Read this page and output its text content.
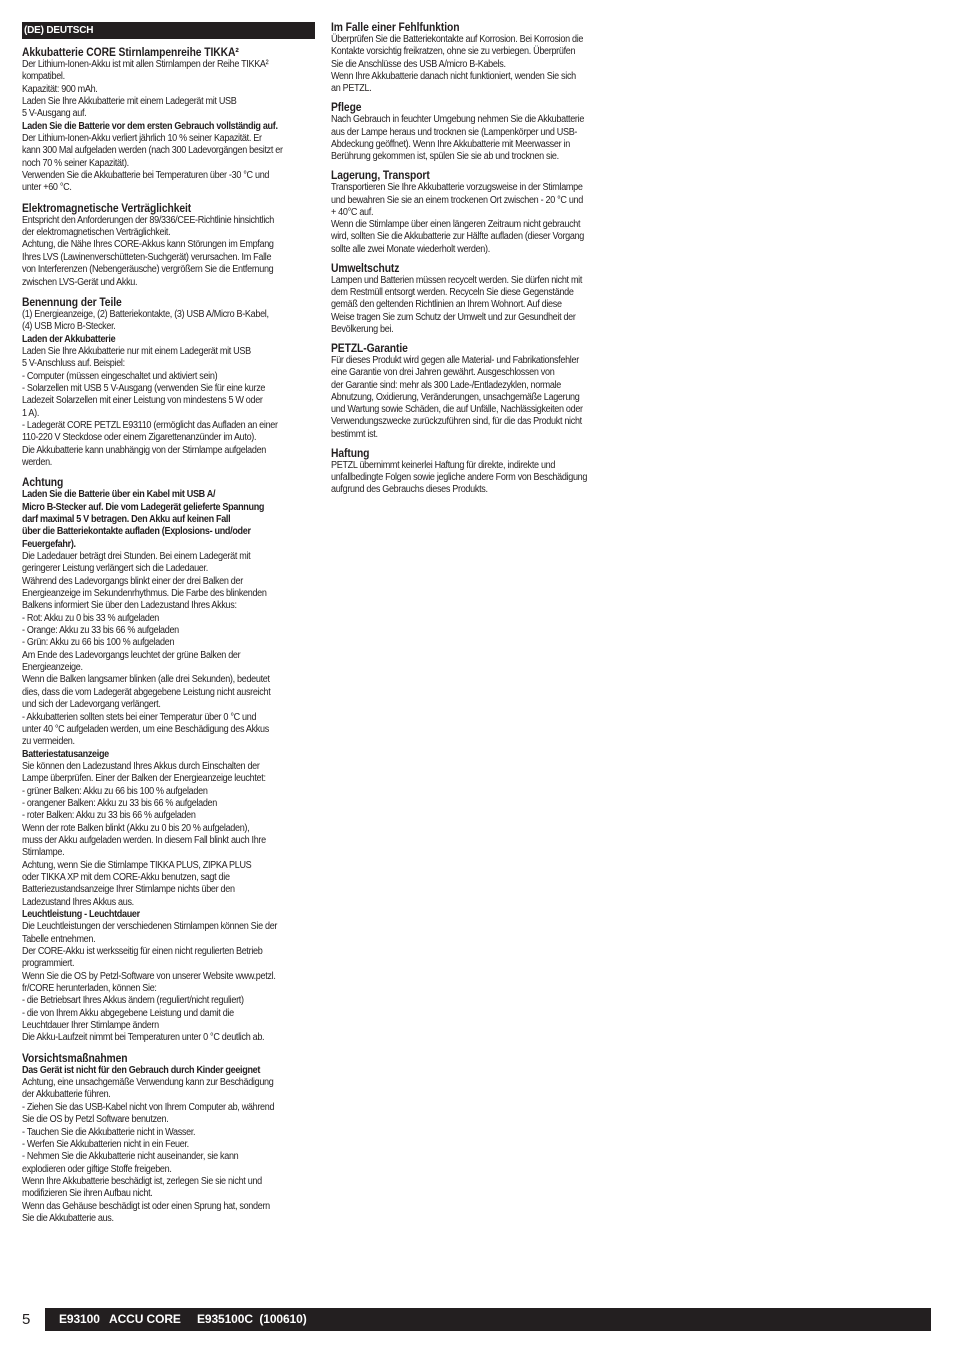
(DE) DEUTSCH
Akkubatterie CORE Stirnlampenreihe TIKKA²

Der Lithium-Ionen-Akku ist mit allen Stirnlampen der Reihe TIKKA²
kompatibel.
Kapazität: 900 mAh.
Laden Sie Ihre Akkubatterie mit einem Ladegerät mit USB
5 V-Ausgang auf.

Laden Sie die Batterie vor dem ersten Gebrauch vollständig auf.

Der Lithium-Ionen-Akku verliert jährlich 10 % seiner Kapazität. Er
kann 300 Mal aufgeladen werden (nach 300 Ladevorgängen besitzt er
noch 70 % seiner Kapazität).
Verwenden Sie die Akkubatterie bei Temperaturen über -30 °C und
unter +60 °C.

Elektromagnetische Verträglichkeit

Entspricht den Anforderungen der 89/336/CEE-Richtlinie hinsichtlich
der elektromagnetischen Verträglichkeit.
Achtung, die Nähe Ihres CORE-Akkus kann Störungen im Empfang
Ihres LVS (Lawinenverschütteten-Suchgerät) verursachen. Im Falle
von Interferenzen (Nebengeräusche) vergrößern Sie die Entfernung
zwischen LVS-Gerät und Akku.

Benennung der Teile

(1) Energieanzeige, (2) Batteriekontakte, (3) USB A/Micro B-Kabel,
(4) USB Micro B-Stecker.

Laden der Akkubatterie

Laden Sie Ihre Akkubatterie nur mit einem Ladegerät mit USB
5 V-Anschluss auf. Beispiel:
- Computer (müssen eingeschaltet und aktiviert sein)
- Solarzellen mit USB 5 V-Ausgang (verwenden Sie für eine kurze
Ladezeit Solarzellen mit einer Leistung von mindestens 5 W oder
1 A).
- Ladegerät CORE PETZL E93110 (ermöglicht das Aufladen an einer
110-220 V Steckdose oder einem Zigarettenanzünder im Auto).
Die Akkubatterie kann unabhängig von der Stirnlampe aufgeladen
werden.

Achtung

Laden Sie die Batterie über ein Kabel mit USB A/
Micro B-Stecker auf. Die vom Ladegerät gelieferte Spannung
darf maximal 5 V betragen. Den Akku auf keinen Fall
über die Batteriekontakte aufladen (Explosions- und/oder
Feuergefahr).

Die Ladedauer beträgt drei Stunden. Bei einem Ladegerät mit
geringerer Leistung verlängert sich die Ladedauer.
Während des Ladevorgangs blinkt einer der drei Balken der
Energieanzeige im Sekundenrhythmus. Die Farbe des blinkenden
Balkens informiert Sie über den Ladezustand Ihres Akkus:
- Rot: Akku zu 0 bis 33 % aufgeladen
- Orange: Akku zu 33 bis 66 % aufgeladen
- Grün: Akku zu 66 bis 100 % aufgeladen
Am Ende des Ladevorgangs leuchtet der grüne Balken der
Energieanzeige.
Wenn die Balken langsamer blinken (alle drei Sekunden), bedeutet
dies, dass die vom Ladegerät abgegebene Leistung nicht ausreicht
und sich der Ladevorgang verlängert.
- Akkubatterien sollten stets bei einer Temperatur über 0 °C und
unter 40 °C aufgeladen werden, um eine Beschädigung des Akkus
zu vermeiden.

Batteriestatusanzeige

Sie können den Ladezustand Ihres Akkus durch Einschalten der
Lampe überprüfen. Einer der Balken der Energieanzeige leuchtet:
- grüner Balken: Akku zu 66 bis 100 % aufgeladen
- orangener Balken: Akku zu 33 bis 66 % aufgeladen
- roter Balken: Akku zu 33 bis 66 % aufgeladen
Wenn der rote Balken blinkt (Akku zu 0 bis 20 % aufgeladen),
muss der Akku aufgeladen werden. In diesem Fall blinkt auch Ihre
Stirnlampe.
Achtung, wenn Sie die Stirnlampe TIKKA PLUS, ZIPKA PLUS
oder TIKKA XP mit dem CORE-Akku benutzen, sagt die
Batteriezustandsanzeige Ihrer Stirnlampe nichts über den
Ladezustand Ihres Akkus aus.

Leuchtleistung - Leuchtdauer

Die Leuchtleistungen der verschiedenen Stirnlampen können Sie der
Tabelle entnehmen.
Der CORE-Akku ist werksseitig für einen nicht regulierten Betrieb
programmiert.
Wenn Sie die OS by Petzl-Software von unserer Website www.petzl.
fr/CORE herunterladen, können Sie:
- die Betriebsart Ihres Akkus ändern (reguliert/nicht reguliert)
- die von Ihrem Akku abgegebene Leistung und damit die
Leuchtdauer Ihrer Stirnlampe ändern
Die Akku-Laufzeit nimmt bei Temperaturen unter 0 °C deutlich ab.

Vorsichtsmaßnahmen

Das Gerät ist nicht für den Gebrauch durch Kinder geeignet

Achtung, eine unsachgemäße Verwendung kann zur Beschädigung
der Akkubatterie führen.
- Ziehen Sie das USB-Kabel nicht von Ihrem Computer ab, während
Sie die OS by Petzl Software benutzen.
- Tauchen Sie die Akkubatterie nicht in Wasser.
- Werfen Sie Akkubatterien nicht in ein Feuer.
- Nehmen Sie die Akkubatterie nicht auseinander, sie kann
explodieren oder giftige Stoffe freigeben.
Wenn Ihre Akkubatterie beschädigt ist, zerlegen Sie sie nicht und
modifizieren Sie ihren Aufbau nicht.
Wenn das Gehäuse beschädigt ist oder einen Sprung hat, sondern
Sie die Akkubatterie aus.

Im Falle einer Fehlfunktion

Überprüfen Sie die Batteriekontakte auf Korrosion. Bei Korrosion die
Kontakte vorsichtig freikratzen, ohne sie zu verbiegen. Überprüfen
Sie die Anschlüsse des USB A/micro B-Kabels.
Wenn Ihre Akkubatterie danach nicht funktioniert, wenden Sie sich
an PETZL.

Pflege

Nach Gebrauch in feuchter Umgebung nehmen Sie die Akkubatterie
aus der Lampe heraus und trocknen sie (Lampenkörper und USB-
Abdeckung geöffnet). Wenn Ihre Akkubatterie mit Meerwasser in
Berührung gekommen ist, spülen Sie sie ab und trocknen sie.

Lagerung, Transport

Transportieren Sie Ihre Akkubatterie vorzugsweise in der Stirnlampe
und bewahren Sie sie an einem trockenen Ort zwischen - 20 °C und
+ 40°C auf.
Wenn die Stirnlampe über einen längeren Zeitraum nicht gebraucht
wird, sollten Sie die Akkubatterie zur Hälfte aufladen (dieser Vorgang
sollte alle zwei Monate wiederholt werden).

Umweltschutz

Lampen und Batterien müssen recycelt werden. Sie dürfen nicht mit
dem Restmüll entsorgt werden. Recyceln Sie diese Gegenstände
gemäß den geltenden Richtlinien an Ihrem Wohnort. Auf diese
Weise tragen Sie zum Schutz der Umwelt und zur Gesundheit der
Bevölkerung bei.

PETZL-Garantie

Für dieses Produkt wird gegen alle Material- und Fabrikationsfehler
eine Garantie von drei Jahren gewährt. Ausgeschlossen von
der Garantie sind: mehr als 300 Lade-/Entladezyklen, normale
Abnutzung, Oxidierung, Veränderungen, unsachgemäße Lagerung
und Wartung sowie Schäden, die auf Unfälle, Nachlässigkeiten oder
Verwendungszwecke zurückzuführen sind, für die das Produkt nicht
bestimmt ist.

Haftung

PETZL übernimmt keinerlei Haftung für direkte, indirekte und
unfallbedingte Folgen sowie jegliche andere Form von Beschädigung
aufgrund des Gebrauchs dieses Produkts.

5	E93100   ACCU CORE     E935100C  (100610)
